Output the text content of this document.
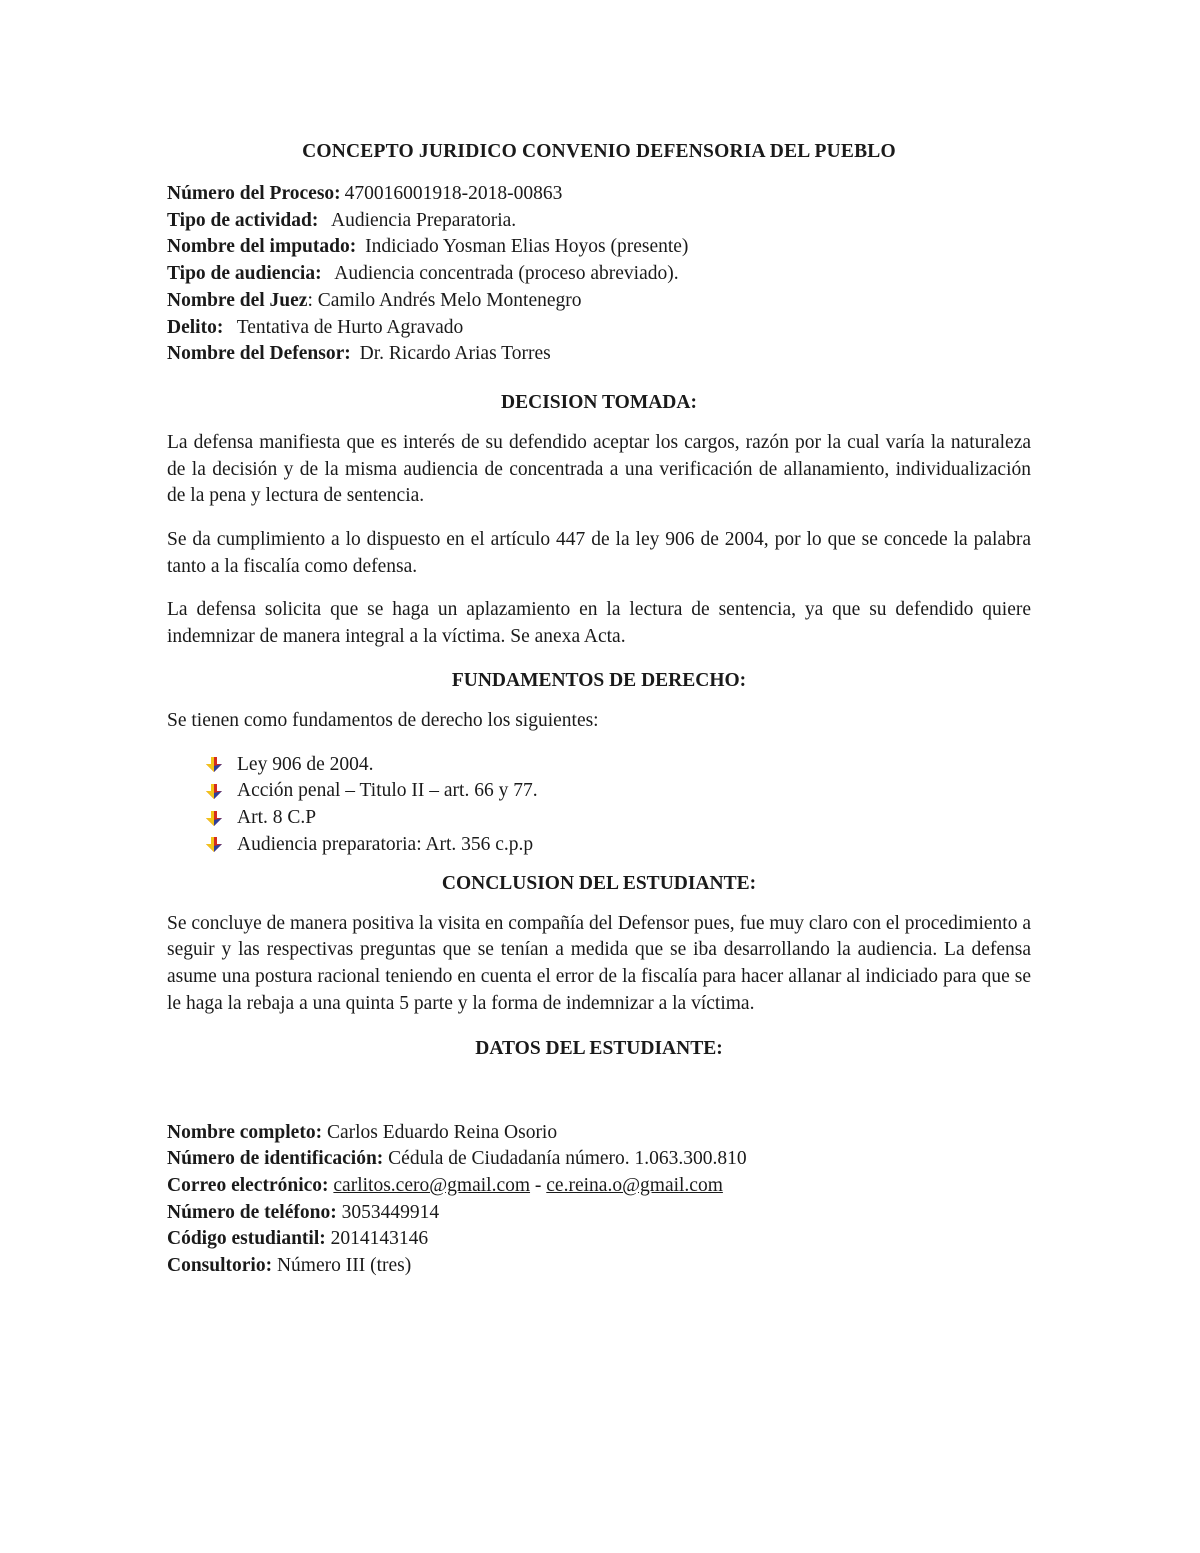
CONCEPTO JURIDICO CONVENIO DEFENSORIA DEL PUEBLO

Número del Proceso: 470016001918-2018-00863

Tipo de actividad:  Audiencia Preparatoria.

Nombre del imputado: Indiciado Yosman Elias Hoyos (presente)

Tipo de audiencia:  Audiencia concentrada (proceso abreviado).

Nombre del Juez: Camilo Andrés Melo Montenegro

Delito:  Tentativa de Hurto Agravado

Nombre del Defensor: Dr. Ricardo Arias Torres

DECISION TOMADA:

La defensa manifiesta que es interés de su defendido aceptar los cargos, razón por la cual varía la naturaleza de la decisión y de la misma audiencia de concentrada a una verificación de allanamiento, individualización de la pena y lectura de sentencia.

Se da cumplimiento a lo dispuesto en el artículo 447 de la ley 906 de 2004, por lo que se concede la palabra tanto a la fiscalía como defensa.

La defensa solicita que se haga un aplazamiento en la lectura de sentencia, ya que su defendido quiere indemnizar de manera integral a la víctima. Se anexa Acta.

FUNDAMENTOS DE DERECHO:

Se tienen como fundamentos de derecho los siguientes:

Ley 906 de 2004.
Acción penal – Titulo II – art. 66 y 77.
Art. 8 C.P
Audiencia preparatoria: Art. 356 c.p.p
CONCLUSION DEL ESTUDIANTE:

Se concluye de manera positiva la visita en compañía del Defensor pues, fue muy claro con el procedimiento a seguir y las respectivas preguntas que se tenían a medida que se iba desarrollando la audiencia. La defensa asume una postura racional teniendo en cuenta el error de la fiscalía para hacer allanar al indiciado para que se le haga la rebaja a una quinta 5 parte y la forma de indemnizar a la víctima.

DATOS DEL ESTUDIANTE:

Nombre completo: Carlos Eduardo Reina Osorio

Número de identificación: Cédula de Ciudadanía número. 1.063.300.810

Correo electrónico: carlitos.cero@gmail.com - ce.reina.o@gmail.com

Número de teléfono: 3053449914

Código estudiantil: 2014143146

Consultorio: Número III (tres)
